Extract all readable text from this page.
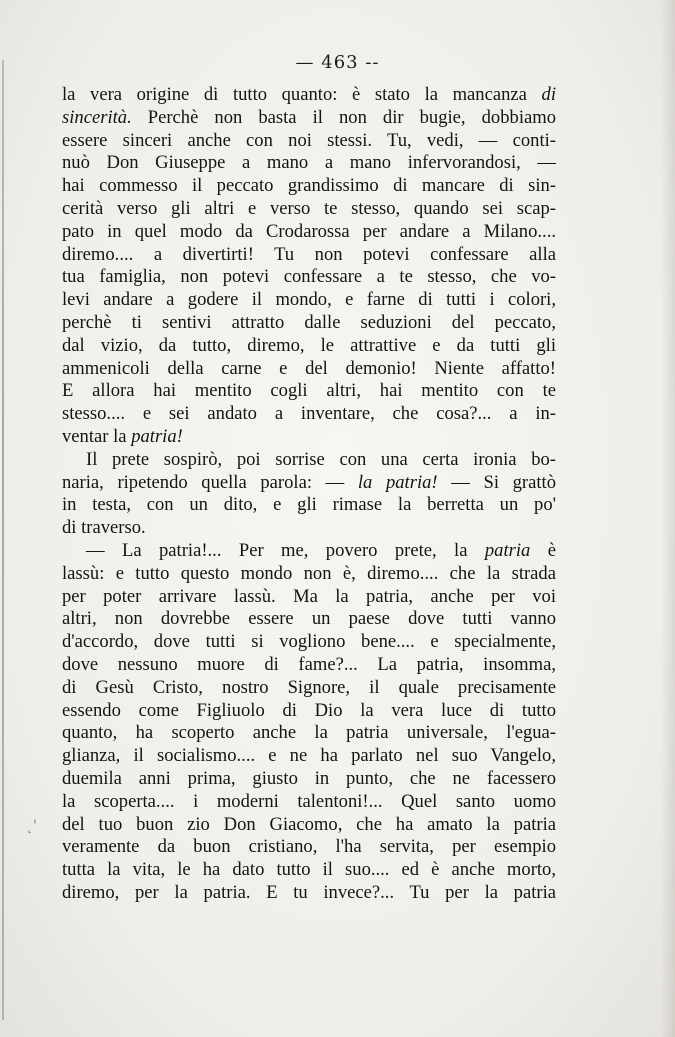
— 463 --
la vera origine di tutto quanto: è stato la mancanza di
sincerità. Perchè non basta il non dir bugie, dobbiamo
essere sinceri anche con noi stessi. Tu, vedi, — conti-
nuò Don Giuseppe a mano a mano infervorandosi, —
hai commesso il peccato grandissimo di mancare di sin-
cerità verso gli altri e verso te stesso, quando sei scap-
pato in quel modo da Crodarossa per andare a Milano....
diremo.... a divertirti! Tu non potevi confessare alla
tua famiglia, non potevi confessare a te stesso, che vo-
levi andare a godere il mondo, e farne di tutti i colori,
perchè ti sentivi attratto dalle seduzioni del peccato,
dal vizio, da tutto, diremo, le attrattive e da tutti gli
ammenicoli della carne e del demonio! Niente affatto!
E allora hai mentito cogli altri, hai mentito con te
stesso.... e sei andato a inventare, che cosa?... a in-
ventar la patria!
Il prete sospirò, poi sorrise con una certa ironia bo-
naria, ripetendo quella parola: — la patria! — Si grattò
in testa, con un dito, e gli rimase la berretta un po'
di traverso.
— La patria!... Per me, povero prete, la patria è
lassù: e tutto questo mondo non è, diremo.... che la strada
per poter arrivare lassù. Ma la patria, anche per voi
altri, non dovrebbe essere un paese dove tutti vanno
d'accordo, dove tutti si vogliono bene.... e specialmente,
dove nessuno muore di fame?... La patria, insomma,
di Gesù Cristo, nostro Signore, il quale precisamente
essendo come Figliuolo di Dio la vera luce di tutto
quanto, ha scoperto anche la patria universale, l'egua-
glianza, il socialismo.... e ne ha parlato nel suo Vangelo,
duemila anni prima, giusto in punto, che ne facessero
la scoperta.... i moderni talentoni!... Quel santo uomo
del tuo buon zio Don Giacomo, che ha amato la patria
veramente da buon cristiano, l'ha servita, per esempio
tutta la vita, le ha dato tutto il suo.... ed è anche morto,
diremo, per la patria. E tu invece?... Tu per la patria
˛'
